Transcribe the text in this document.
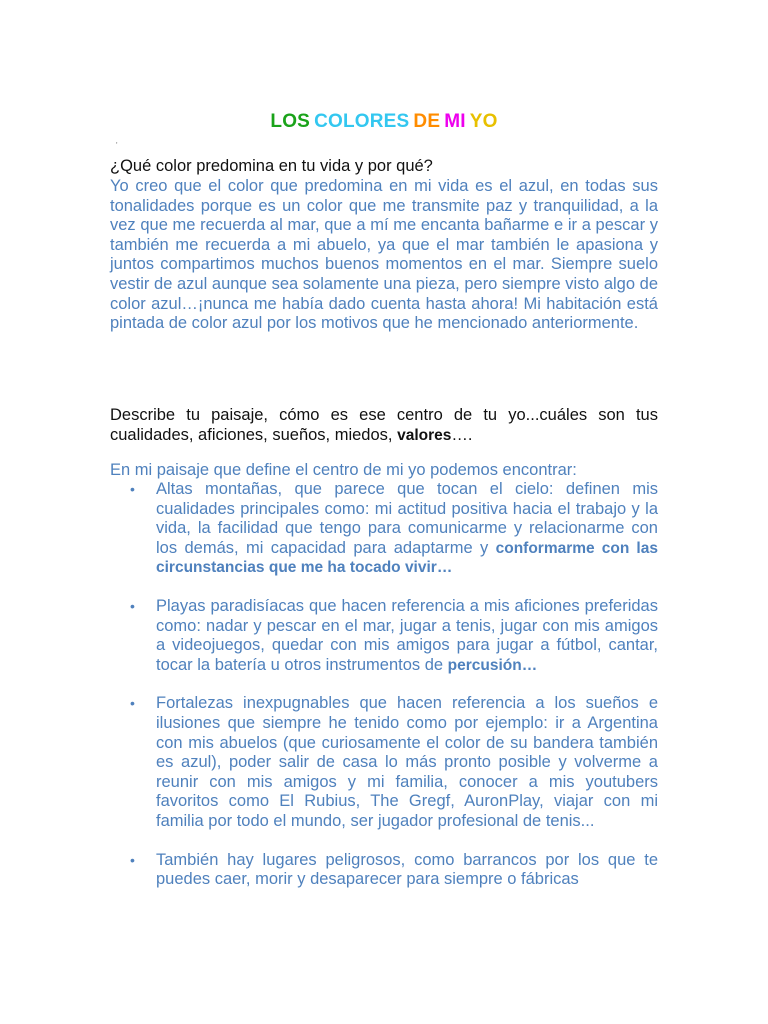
LOS COLORES DE MI YO
'
¿Qué color predomina en tu vida y por qué?
Yo creo que el color que predomina en mi vida es el azul, en todas sus tonalidades porque es un color que me transmite paz y tranquilidad, a la vez que me recuerda al mar, que a mí me encanta bañarme e ir a pescar y también me recuerda a mi abuelo, ya que el mar también le apasiona y juntos compartimos muchos buenos momentos en el mar. Siempre suelo vestir de azul aunque sea solamente una pieza, pero siempre visto algo de color azul…¡nunca me había dado cuenta hasta ahora! Mi habitación está pintada de color azul por los motivos que he mencionado anteriormente.
Describe tu paisaje, cómo es ese centro de tu yo...cuáles son tus cualidades, aficiones, sueños, miedos, valores….
En mi paisaje que define el centro de mi yo podemos encontrar:
• Altas montañas, que parece que tocan el cielo: definen mis cualidades principales como: mi actitud positiva hacia el trabajo y la vida, la facilidad que tengo para comunicarme y relacionarme con los demás, mi capacidad para adaptarme y conformarme con las circunstancias que me ha tocado vivir…
• Playas paradisíacas que hacen referencia a mis aficiones preferidas como: nadar y pescar en el mar, jugar a tenis, jugar con mis amigos a videojuegos, quedar con mis amigos para jugar a fútbol, cantar, tocar la batería u otros instrumentos de percusión…
• Fortalezas inexpugnables que hacen referencia a los sueños e ilusiones que siempre he tenido como por ejemplo: ir a Argentina con mis abuelos (que curiosamente el color de su bandera también es azul), poder salir de casa lo más pronto posible y volverme a reunir con mis amigos y mi familia, conocer a mis youtubers favoritos como El Rubius, The Gregf, AuronPlay, viajar con mi familia por todo el mundo, ser jugador profesional de tenis...
• También hay lugares peligrosos, como barrancos por los que te puedes caer, morir y desaparecer para siempre o fábricas
